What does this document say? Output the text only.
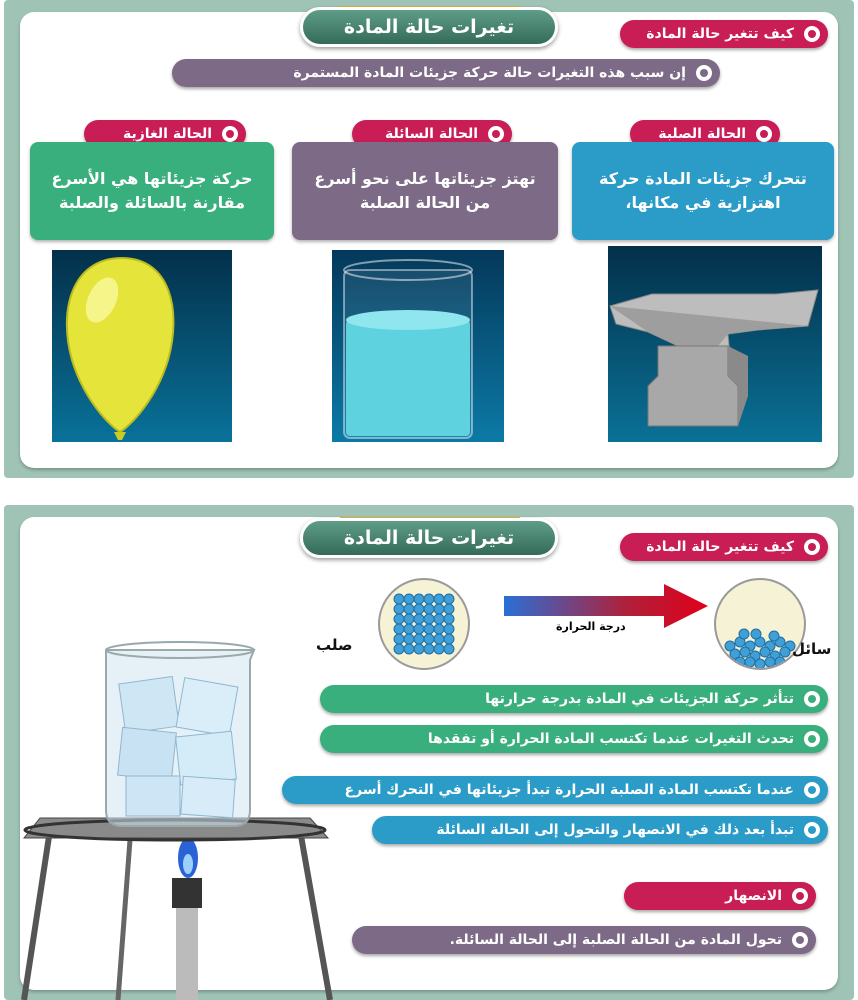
تغيرات حالة المادة	كيف تتغير حالة المادة
إن سبب هذه التغيرات حالة حركة جزيئات المادة المستمرة
الحالة الصلبة
الحالة السائلة
الحالة الغازية
تتحرك جزيئات المادة حركة اهتزازية في مكانها،
تهتز جزيئاتها على نحو أسرع من الحالة الصلبة
حركة جزيئاتها هي الأسرع مقارنة بالسائلة والصلبة
تغيرات حالة المادة	كيف تتغير حالة المادة
صلب
درجة الحرارة
سائل
تتأثر حركة الجزيئات في المادة بدرجة حرارتها
تحدث التغيرات عندما تكتسب المادة الحرارة أو تفقدها
عندما تكتسب المادة الصلبة الحرارة تبدأ جزيئاتها في التحرك أسرع
تبدأ بعد ذلك في الانصهار والتحول إلى الحالة السائلة
الانصهار
تحول المادة من الحالة الصلبة إلى الحالة السائلة.
